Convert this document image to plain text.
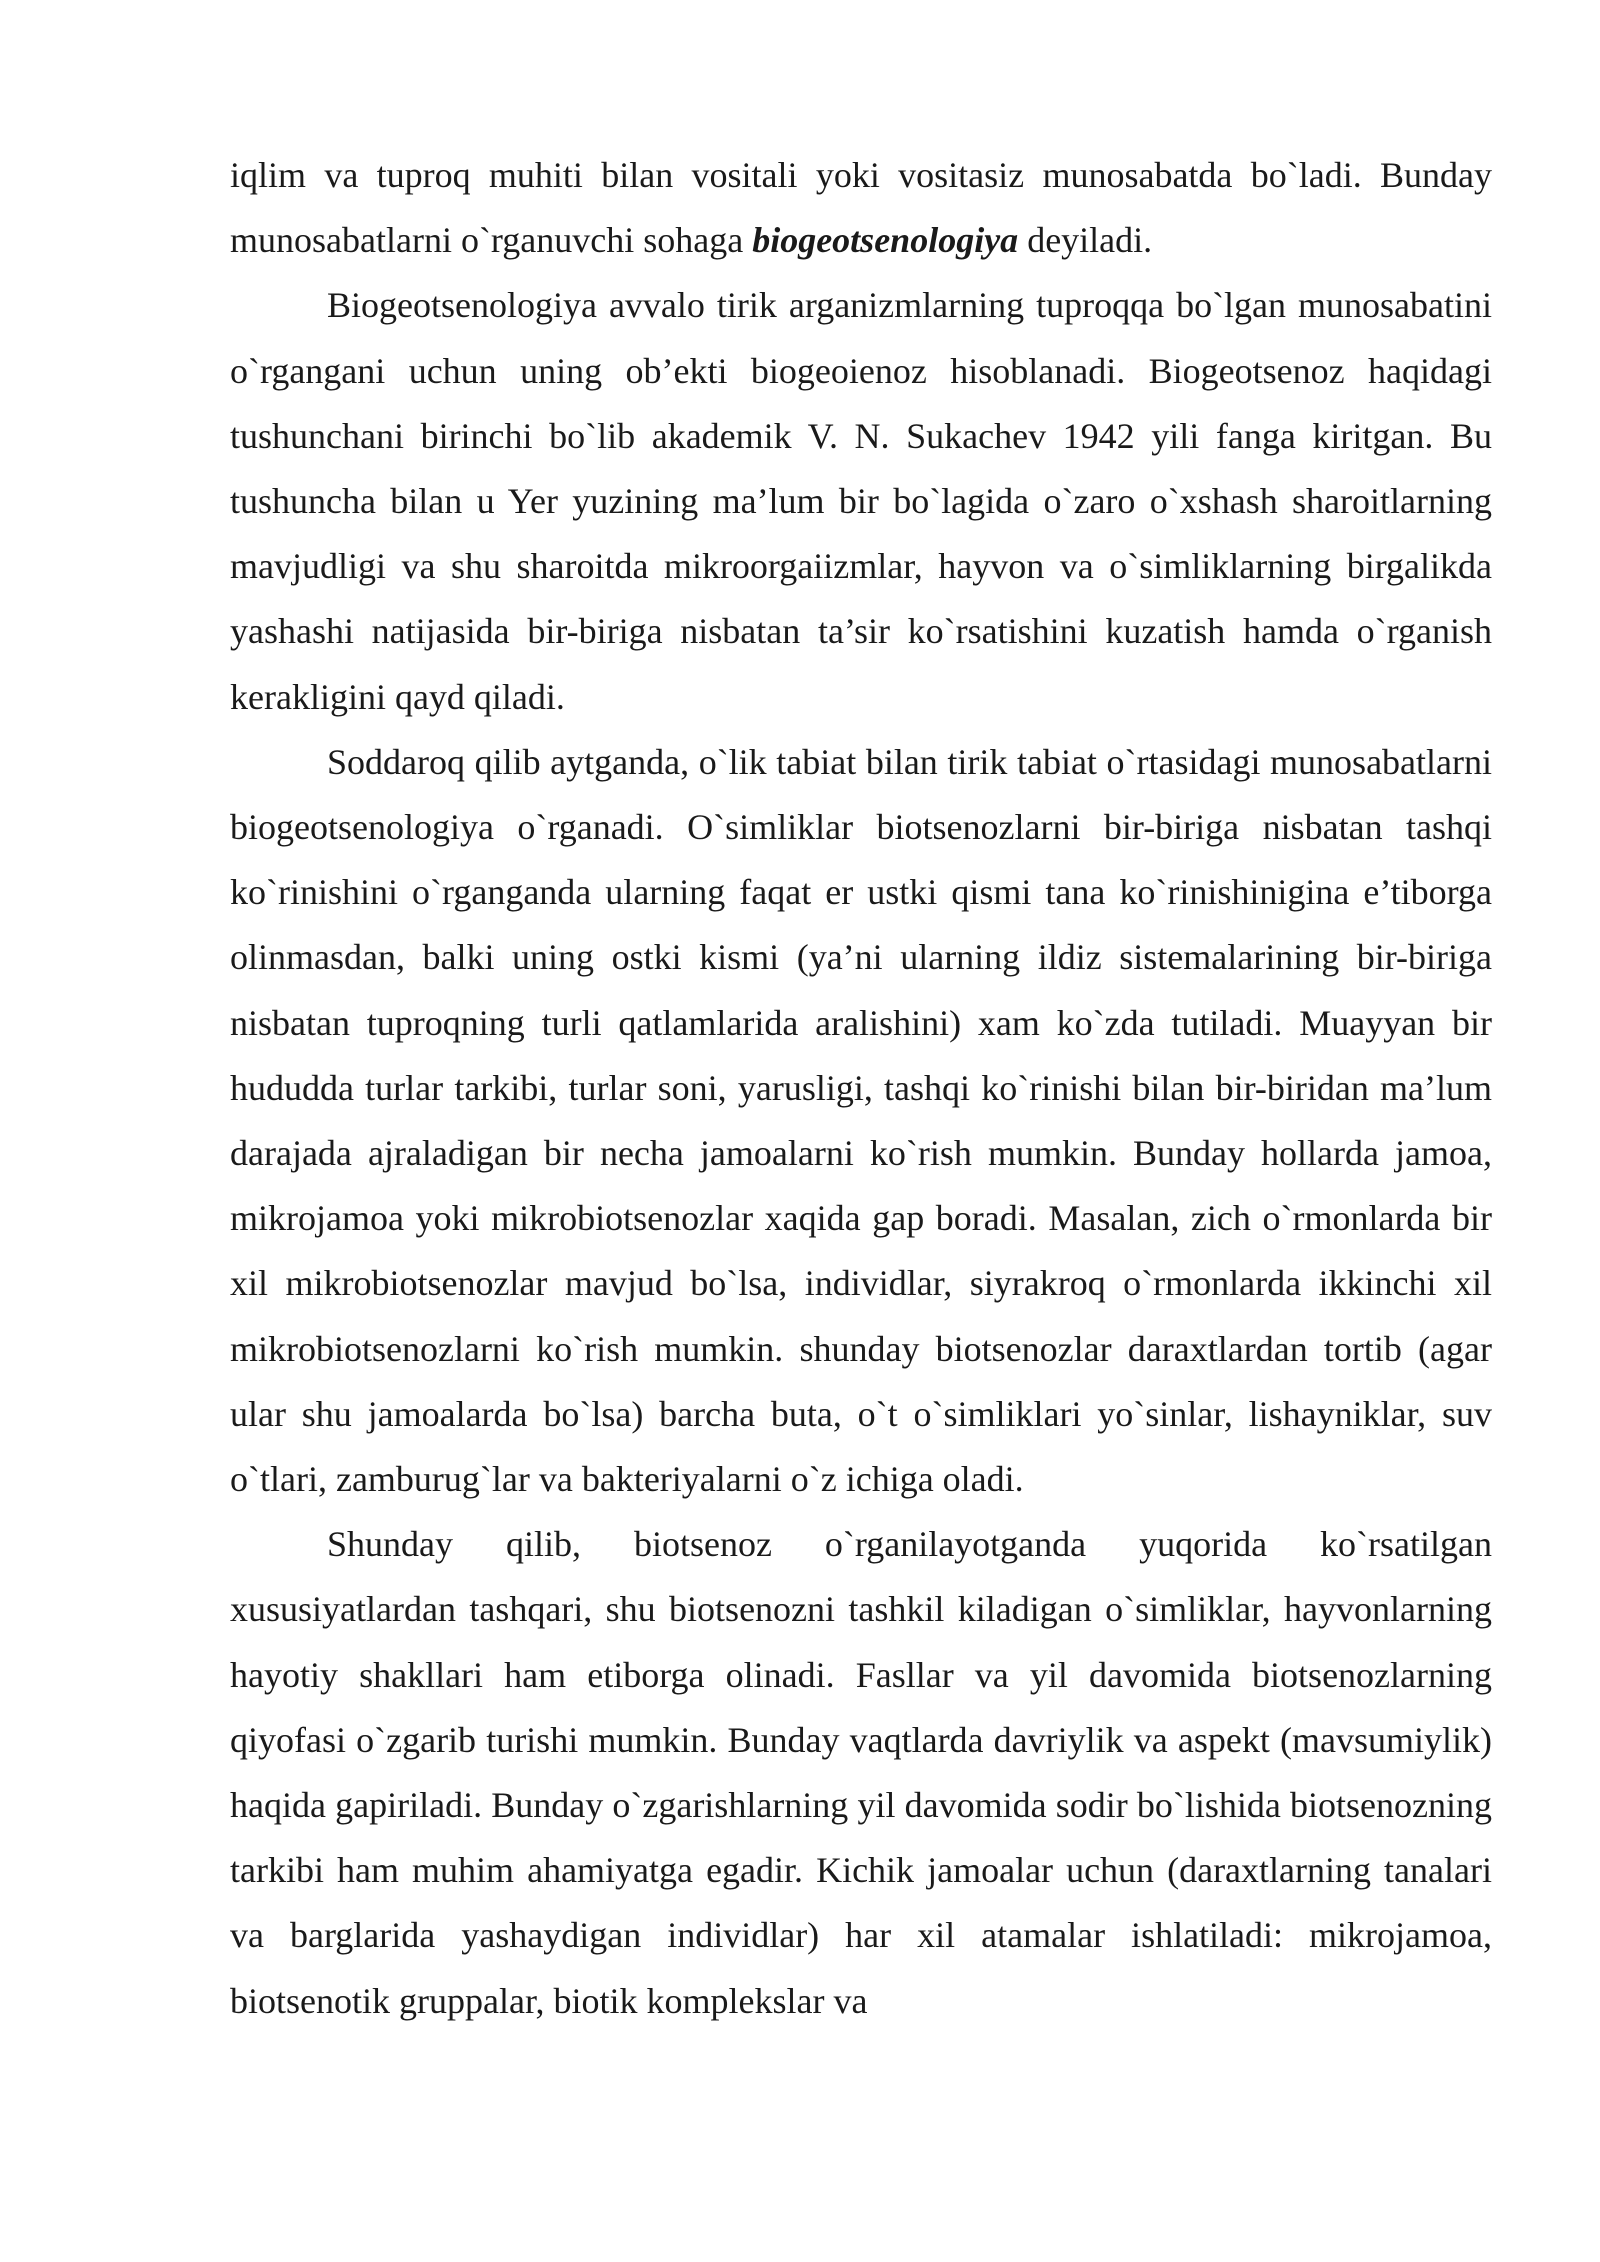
iqlim va tuproq muhiti bilan vositali yoki vositasiz munosabatda bo`ladi. Bunday munosabatlarni o`rganuvchi sohaga biogeotsenologiya deyiladi.

Biogeotsenologiya avvalo tirik arganizmlarning tuproqqa bo`lgan munosabatini o`rgangani uchun uning ob’ekti biogeoienoz hisoblanadi. Biogeotsenoz haqidagi tushunchani birinchi bo`lib akademik V. N. Sukachev 1942 yili fanga kiritgan. Bu tushuncha bilan u Yer yuzining ma’lum bir bo`lagida o`zaro o`xshash sharoitlarning mavjudligi va shu sharoitda mikroorgaiizmlar, hayvon va o`simliklarning birgalikda yashashi natijasida bir-biriga nisbatan ta’sir ko`rsatishini kuzatish hamda o`rganish kerakligini qayd qiladi.

Soddaroq qilib aytganda, o`lik tabiat bilan tirik tabiat o`rtasidagi munosabatlarni biogeotsenologiya o`rganadi. O`simliklar biotsenozlarni bir-biriga nisbatan tashqi ko`rinishini o`rganganda ularning faqat er ustki qismi tana ko`rinishinigina e’tiborga olinmasdan, balki uning ostki kismi (ya’ni ularning ildiz sistemalarining bir-biriga nisbatan tuproqning turli qatlamlarida aralishini) xam ko`zda tutiladi. Muayyan bir hududda turlar tarkibi, turlar soni, yarusligi, tashqi ko`rinishi bilan bir-biridan ma’lum darajada ajraladigan bir necha jamoalarni ko`rish mumkin. Bunday hollarda jamoa, mikrojamoa yoki mikrobiotsenozlar xaqida gap boradi. Masalan, zich o`rmonlarda bir xil mikrobiotsenozlar mavjud bo`lsa, individlar, siyrakroq o`rmonlarda ikkinchi xil mikrobiotsenozlarni ko`rish mumkin. shunday biotsenozlar daraxtlardan tortib (agar ular shu jamoalarda bo`lsa) barcha buta, o`t o`simliklari yo`sinlar, lishayniklar, suv o`tlari, zamburug`lar va bakteriyalarni o`z ichiga oladi.

Shunday qilib, biotsenoz o`rganilayotganda yuqorida ko`rsatilgan xususiyatlardan tashqari, shu biotsenozni tashkil kiladigan o`simliklar, hayvonlarning hayotiy shakllari ham etiborga olinadi. Fasllar va yil davomida biotsenozlarning qiyofasi o`zgarib turishi mumkin. Bunday vaqtlarda davriylik va aspekt (mavsumiylik) haqida gapiriladi. Bunday o`zgarishlarning yil davomida sodir bo`lishida biotsenozning tarkibi ham muhim ahamiyatga egadir. Kichik jamoalar uchun (daraxtlarning tanalari va barglarida yashaydigan individlar) har xil atamalar ishlatiladi: mikrojamoa, biotsenotik gruppalar, biotik komplekslar va
